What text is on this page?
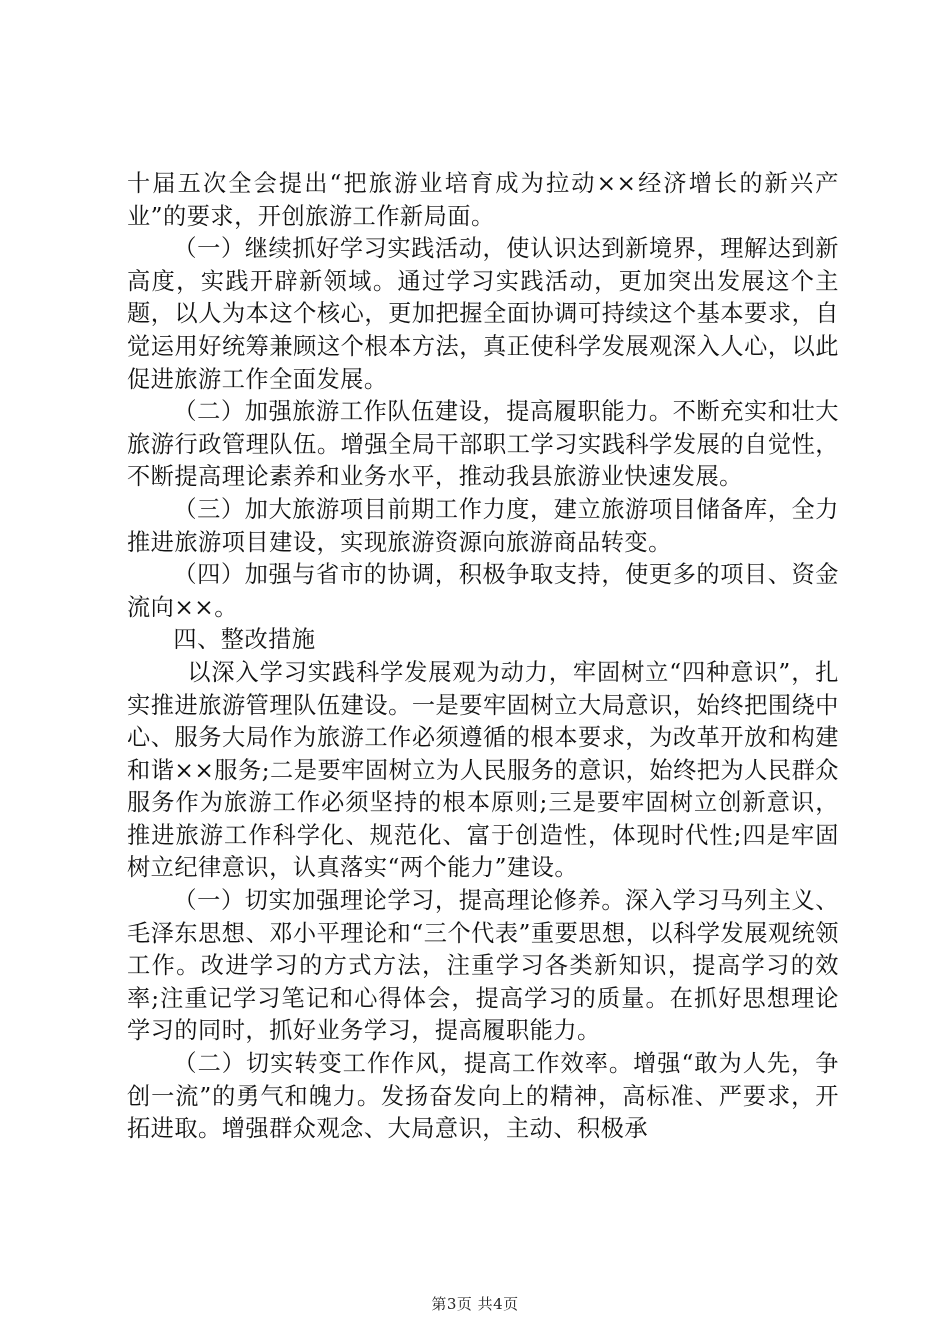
十届五次全会提出“把旅游业培育成为拉动××经济增长的新兴产业”的要求，开创旅游工作新局面。

（一）继续抓好学习实践活动，使认识达到新境界，理解达到新高度，实践开辟新领域。通过学习实践活动，更加突出发展这个主题，以人为本这个核心，更加把握全面协调可持续这个基本要求，自觉运用好统筹兼顾这个根本方法，真正使科学发展观深入人心，以此促进旅游工作全面发展。

（二）加强旅游工作队伍建设，提高履职能力。不断充实和壮大旅游行政管理队伍。增强全局干部职工学习实践科学发展的自觉性，不断提高理论素养和业务水平，推动我县旅游业快速发展。

（三）加大旅游项目前期工作力度，建立旅游项目储备库，全力推进旅游项目建设，实现旅游资源向旅游商品转变。

（四）加强与省市的协调，积极争取支持，使更多的项目、资金流向××。

四、整改措施

以深入学习实践科学发展观为动力，牢固树立“四种意识”，扎实推进旅游管理队伍建设。一是要牢固树立大局意识，始终把围绕中心、服务大局作为旅游工作必须遵循的根本要求，为改革开放和构建和谐××服务;二是要牢固树立为人民服务的意识，始终把为人民群众服务作为旅游工作必须坚持的根本原则;三是要牢固树立创新意识，推进旅游工作科学化、规范化、富于创造性，体现时代性;四是牢固树立纪律意识，认真落实“两个能力”建设。

（一）切实加强理论学习，提高理论修养。深入学习马列主义、毛泽东思想、邓小平理论和“三个代表”重要思想，以科学发展观统领工作。改进学习的方式方法，注重学习各类新知识，提高学习的效率;注重记学习笔记和心得体会，提高学习的质量。在抓好思想理论学习的同时，抓好业务学习，提高履职能力。

（二）切实转变工作作风，提高工作效率。增强“敢为人先，争创一流”的勇气和魄力。发扬奋发向上的精神，高标准、严要求，开拓进取。增强群众观念、大局意识，主动、积极承

第3页 共4页
